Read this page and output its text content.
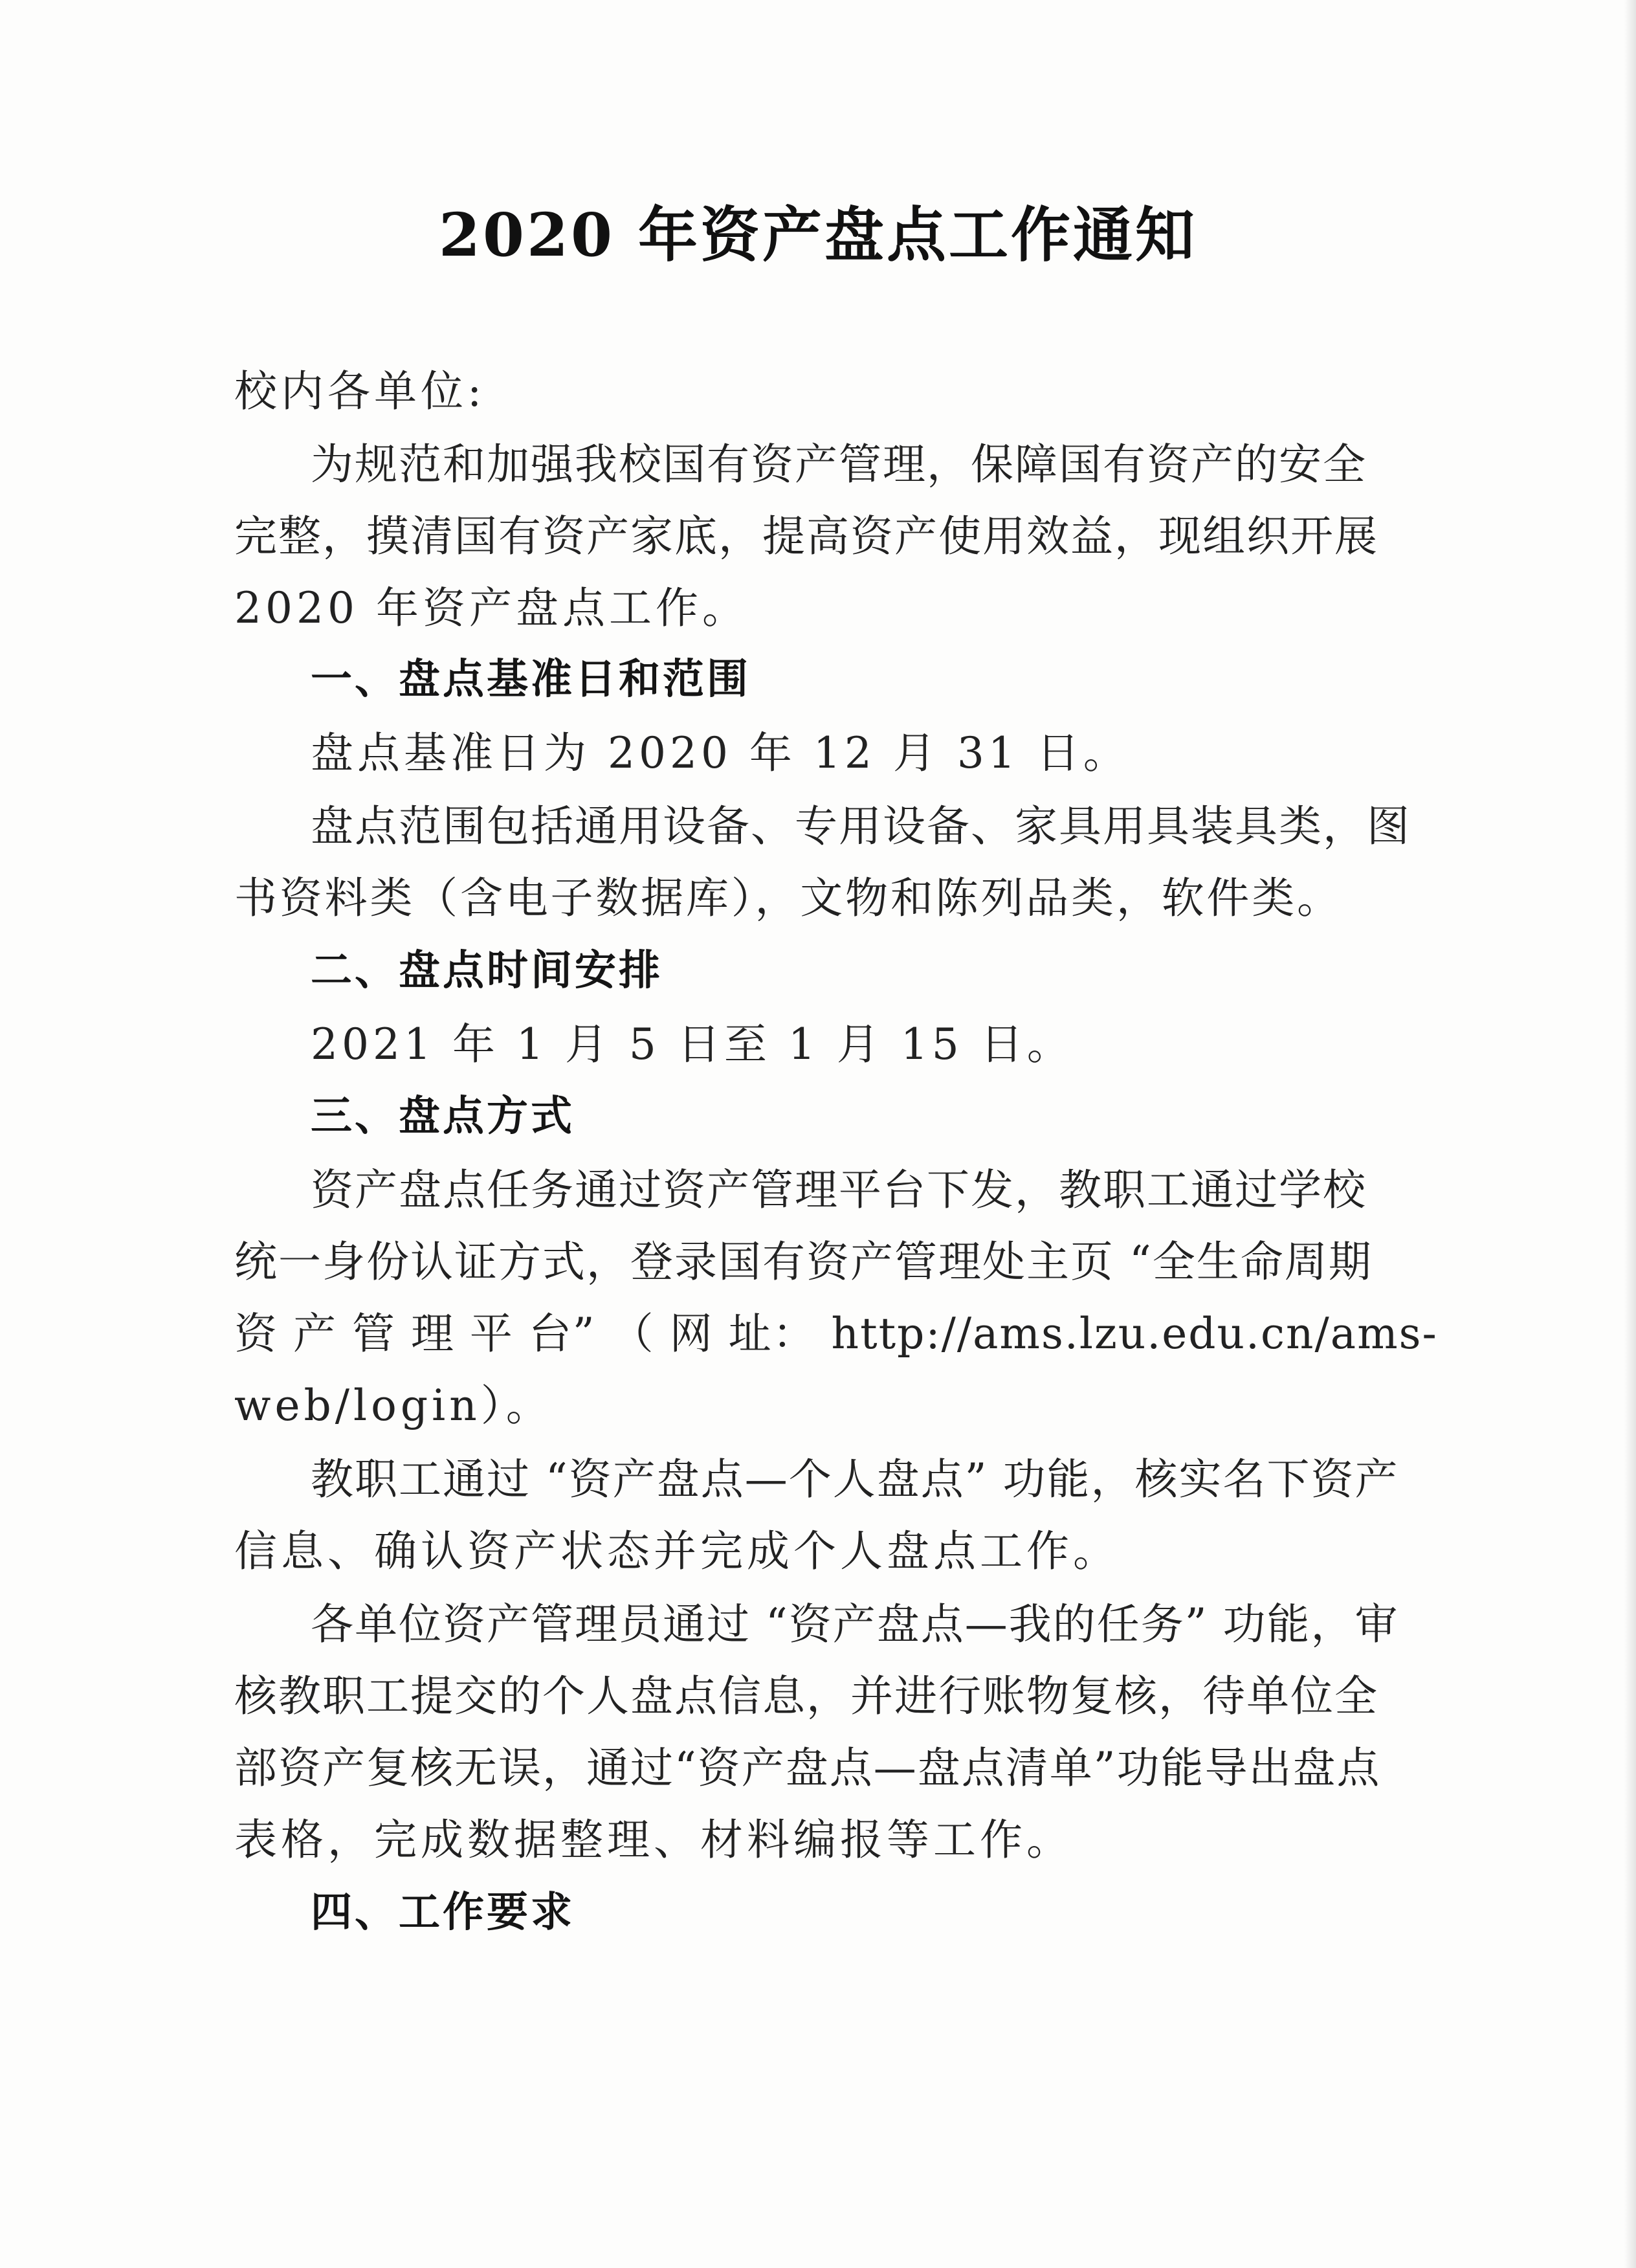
2020 年资产盘点工作通知
校内各单位:
为规范和加强我校国有资产管理，保障国有资产的安全
完整，摸清国有资产家底，提高资产使用效益，现组织开展
2020 年资产盘点工作。
一、盘点基准日和范围
盘点基准日为 2020 年 12 月 31 日。
盘点范围包括通用设备、专用设备、家具用具装具类，图
书资料类（含电子数据库），文物和陈列品类，软件类。
二、盘点时间安排
2021 年 1 月 5 日至 1 月 15 日。
三、盘点方式
资产盘点任务通过资产管理平台下发，教职工通过学校
统一身份认证方式，登录国有资产管理处主页 “全生命周期
资 产 管 理 平 台” （ 网 址： http://ams.lzu.edu.cn/ams-
web/login）。
教职工通过 “资产盘点—个人盘点” 功能，核实名下资产
信息、确认资产状态并完成个人盘点工作。
各单位资产管理员通过 “资产盘点—我的任务” 功能，审
核教职工提交的个人盘点信息，并进行账物复核，待单位全
部资产复核无误，通过“资产盘点—盘点清单”功能导出盘点
表格，完成数据整理、材料编报等工作。
四、工作要求
